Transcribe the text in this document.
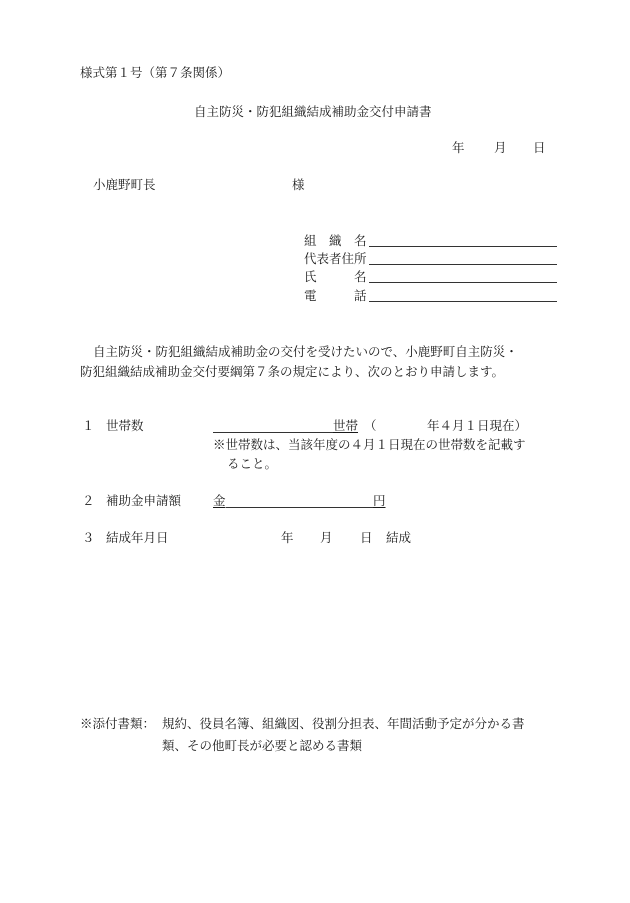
様式第１号（第７条関係）
自主防災・防犯組織結成補助金交付申請書
年 月 日
小鹿野町長	様
組　織　名
代表者住所
氏　　　名
電　　　話
自主防災・防犯組織結成補助金の交付を受けたいので、小鹿野町自主防災・
防犯組織結成補助金交付要綱第７条の規定により、次のとおり申請します。
１ 世帯数	世帯 （	年４月１日現在）
※世帯数は、当該年度の４月１日現在の世帯数を記載す
ること。
２ 補助金申請額	金	円
３ 結成年月日	年 月 日 結成
※添付書類： 規約、役員名簿、組織図、役割分担表、年間活動予定が分かる書
類、その他町長が必要と認める書類
